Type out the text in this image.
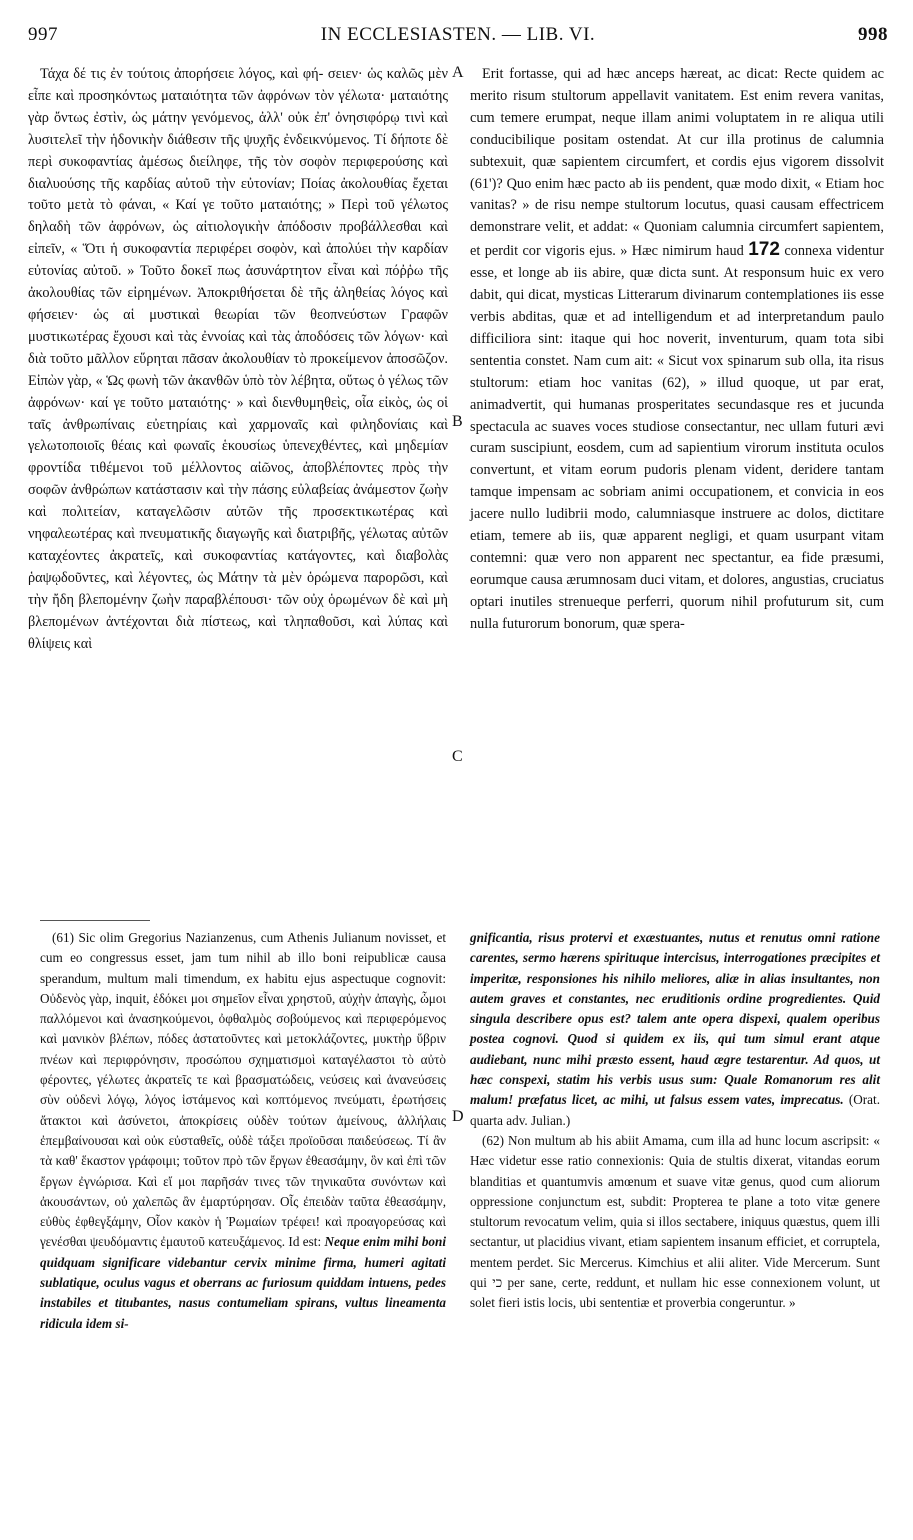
997	IN ECCLESIASTEN. — LIB. VI.	998
A
B
C
D

Τάχα δέ τις ἐν τούτοις ἀπορήσειε λόγος, καὶ φή- σειεν· ὡς καλῶς μὲν εἶπε καὶ προσηκόντως ματαιότητα τῶν ἀφρόνων τὸν γέλωτα· ματαιότης γὰρ ὄντως ἐστὶν, ὡς μάτην γενόμενος, ἀλλ' οὐκ ἐπ' ὀνησιφόρῳ τινὶ καὶ λυσιτελεῖ τὴν ἡδονικὴν διάθεσιν τῆς ψυχῆς ἐνδεικνύμενος. Τί δήποτε δὲ περὶ συκοφαντίας ἀμέσως διείληφε, τῆς τὸν σοφὸν περιφερούσης καὶ διαλυούσης τῆς καρδίας αὐτοῦ τὴν εὐτονίαν; Ποίας ἀκολουθίας ἔχεται τοῦτο μετὰ τὸ φάναι, « Καί γε τοῦτο ματαιότης; » Περὶ τοῦ γέλωτος δηλαδὴ τῶν ἀφρόνων, ὡς αἰτιολογικὴν ἀπόδοσιν προβάλλεσθαι καὶ εἰπεῖν, « Ὅτι ἡ συκοφαντία περιφέρει σοφὸν, καὶ ἀπολύει τὴν καρδίαν εὐτονίας αὐτοῦ. » Τοῦτο δοκεῖ πως ἀσυνάρτητον εἶναι καὶ πόῤῥω τῆς ἀκολουθίας τῶν εἰρημένων. Ἀποκριθήσεται δὲ τῆς ἀληθείας λόγος καὶ φήσειεν· ὡς αἱ μυστικαὶ θεωρίαι τῶν θεοπνεύστων Γραφῶν μυστικωτέρας ἔχουσι καὶ τὰς ἐννοίας καὶ τὰς ἀποδόσεις τῶν λόγων· καὶ διὰ τοῦτο μᾶλλον εὕρηται πᾶσαν ἀκολουθίαν τὸ προκείμενον ἀποσῶζον. Εἰπὼν γὰρ, « Ὡς φωνὴ τῶν ἀκανθῶν ὑπὸ τὸν λέβητα, οὕτως ὁ γέλως τῶν ἀφρόνων· καί γε τοῦτο ματαιότης· » καὶ διενθυμηθεὶς, οἷα εἰκὸς, ὡς οἱ ταῖς ἀνθρωπίναις εὐετηρίαις καὶ χαρμοναῖς καὶ φιληδονίαις καὶ γελωτοποιοῖς θέαις καὶ φωναῖς ἑκουσίως ὑπενεχθέντες, καὶ μηδεμίαν φροντίδα τιθέμενοι τοῦ μέλλοντος αἰῶνος, ἀποβλέποντες πρὸς τὴν σοφῶν ἀνθρώπων κατάστασιν καὶ τὴν πάσης εὐλαβείας ἀνάμεστον ζωὴν καὶ πολιτείαν, καταγελῶσιν αὐτῶν τῆς προσεκτικωτέρας καὶ νηφαλεωτέρας καὶ πνευματικῆς διαγωγῆς καὶ διατριβῆς, γέλωτας αὐτῶν καταχέοντες ἀκρατεῖς, καὶ συκοφαντίας κατάγοντες, καὶ διαβολὰς ῥαψῳδοῦντες, καὶ λέγοντες, ὡς Μάτην τὰ μὲν ὁρώμενα παρορῶσι, καὶ τὴν ἤδη βλεπομένην ζωὴν παραβλέπουσι· τῶν οὐχ ὁρωμένων δὲ καὶ μὴ βλεπομένων ἀντέχονται διὰ πίστεως, καὶ τληπαθοῦσι, καὶ λύπας καὶ θλίψεις καὶ

Erit fortasse, qui ad hæc anceps hæreat, ac dicat: Recte quidem ac merito risum stultorum appellavit vanitatem. Est enim revera vanitas, cum temere erumpat, neque illam animi voluptatem in re aliqua utili conducibilique positam ostendat. At cur illa protinus de calumnia subtexuit, quæ sapientem circumfert, et cordis ejus vigorem dissolvit (61')? Quo enim hæc pacto ab iis pendent, quæ modo dixit, « Etiam hoc vanitas? » de risu nempe stultorum locutus, quasi causam effectricem demonstrare velit, et addat: « Quoniam calumnia circumfert sapientem, et perdit cor vigoris ejus. » Hæc nimirum haud 172 connexa videntur esse, et longe ab iis abire, quæ dicta sunt. At responsum huic ex vero dabit, qui dicat, mysticas Litterarum divinarum contemplationes iis esse verbis abditas, quæ et ad intelligendum et ad interpretandum paulo difficiliora sint: itaque qui hoc noverit, inventurum, quam tota sibi sententia constet. Nam cum ait: « Sicut vox spinarum sub olla, ita risus stultorum: etiam hoc vanitas (62), » illud quoque, ut par erat, animadvertit, qui humanas prosperitates secundasque res et jucunda spectacula ac suaves voces studiose consectantur, nec ullam futuri ævi curam suscipiunt, eosdem, cum ad sapientium virorum instituta oculos convertunt, et vitam eorum pudoris plenam vident, deridere tantam tamque impensam ac sobriam animi occupationem, et convicia in eos jacere nullo ludibrii modo, calumniasque instruere ac dolos, dictitare etiam, temere ab iis, quæ apparent negligi, et quam usurpant vitam contemni: quæ vero non apparent nec spectantur, ea fide præsumi, eorumque causa ærumnosam duci vitam, et dolores, angustias, cruciatus optari inutiles strenueque perferri, quorum nihil profuturum sit, cum nulla futurorum bonorum, quæ spera-

(61) Sic olim Gregorius Nazianzenus, cum Athenis Julianum novisset, et cum eo congressus esset, jam tum nihil ab illo boni reipublicæ causa sperandum, multum mali timendum, ex habitu ejus aspectuque cognovit: Οὐδενὸς γὰρ, inquit, ἐδόκει μοι σημεῖον εἶναι χρηστοῦ, αὐχὴν ἀπαγὴς, ὦμοι παλλόμενοι καὶ ἀνασηκούμενοι, ὀφθαλμὸς σοβούμενος καὶ περιφερόμενος καὶ μανικὸν βλέπων, πόδες ἀστατοῦντες καὶ μετοκλάζοντες, μυκτὴρ ὕβριν πνέων καὶ περιφρόνησιν, προσώπου σχηματισμοὶ καταγέλαστοι τὸ αὐτὸ φέροντες, γέλωτες ἀκρατεῖς τε καὶ βρασματώδεις, νεύσεις καὶ ἀνανεύσεις σὺν οὐδενὶ λόγῳ, λόγος ἱστάμενος καὶ κοπτόμενος πνεύματι, ἐρωτήσεις ἄτακτοι καὶ ἀσύνετοι, ἀποκρίσεις οὐδὲν τούτων ἀμείνους, ἀλλήλαις ἐπεμβαίνουσαι καὶ οὐκ εὐσταθεῖς, οὐδὲ τάξει προϊοῦσαι παιδεύσεως. Τί ἂν τὰ καθ' ἕκαστον γράφοιμι; τοῦτον πρὸ τῶν ἔργων ἐθεασάμην, ὃν καὶ ἐπὶ τῶν ἔργων ἐγνώρισα. Καὶ εἴ μοι παρῆσάν τινες τῶν τηνικαῦτα συνόντων καὶ ἀκουσάντων, οὐ χαλεπῶς ἂν ἐμαρτύρησαν. Οἷς ἐπειδὰν ταῦτα ἐθεασάμην, εὐθὺς ἐφθεγξάμην, Οἷον κακὸν ἡ Ῥωμαίων τρέφει! καὶ προαγορεύσας καὶ γενέσθαι ψευδόμαντις ἐμαυτοῦ κατευξάμενος. Id est: Neque enim mihi boni quidquam significare videbantur cervix minime firma, humeri agitati sublatique, oculus vagus et oberrans ac furiosum quiddam intuens, pedes instabiles et titubantes, nasus contumeliam spirans, vultus lineamenta ridicula idem si-

gnificantia, risus protervi et exæstuantes, nutus et renutus omni ratione carentes, sermo hærens spirituque intercisus, interrogationes præcipites et imperitæ, responsiones his nihilo meliores, aliæ in alias insultantes, non autem graves et constantes, nec eruditionis ordine progredientes. Quid singula describere opus est? talem ante opera dispexi, qualem operibus postea cognovi. Quod si quidem ex iis, qui tum simul erant atque audiebant, nunc mihi præsto essent, haud ægre testarentur. Ad quos, ut hæc conspexi, statim his verbis usus sum: Quale Romanorum res alit malum! præfatus licet, ac mihi, ut falsus essem vates, imprecatus. (Orat. quarta adv. Julian.)

(62) Non multum ab his abiit Amama, cum illa ad hunc locum ascripsit: « Hæc videtur esse ratio connexionis: Quia de stultis dixerat, vitandas eorum blanditias et quantumvis amœnum et suave vitæ genus, quod cum aliorum oppressione conjunctum est, subdit: Propterea te plane a toto vitæ genere stultorum revocatum velim, quia si illos sectabere, iniquus quæstus, quem illi sectantur, ut placidius vivant, etiam sapientem insanum efficiet, et corruptela, mentem perdet. Sic Mercerus. Kimchius et alii aliter. Vide Mercerum. Sunt qui כי per sane, certe, reddunt, et nullam hic esse connexionem volunt, ut solet fieri istis locis, ubi sententiæ et proverbia congeruntur. »
